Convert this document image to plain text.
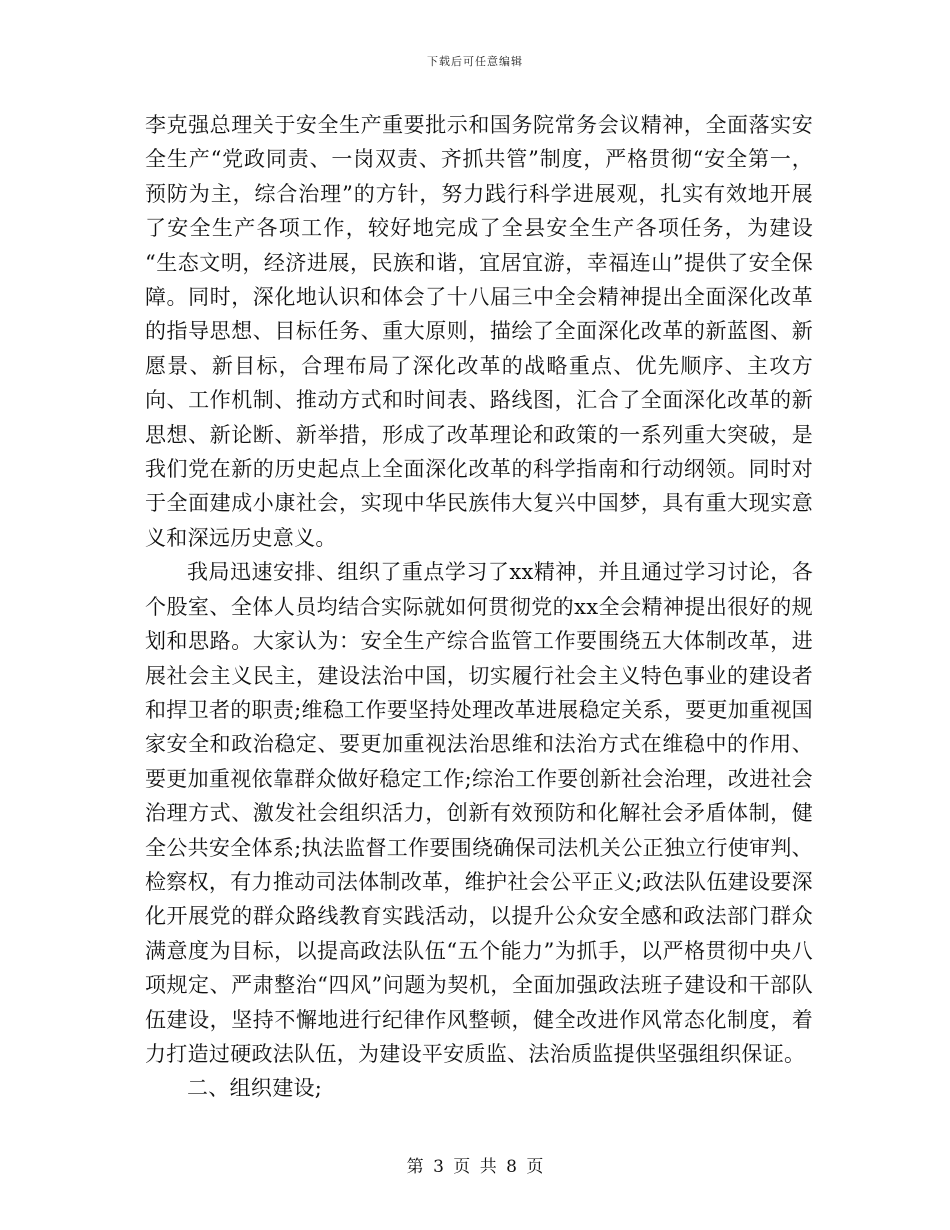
下载后可任意编辑

李克强总理关于安全生产重要批示和国务院常务会议精神，全面落实安全生产“党政同责、一岗双责、齐抓共管”制度，严格贯彻“安全第一，预防为主，综合治理”的方针，努力践行科学进展观，扎实有效地开展了安全生产各项工作，较好地完成了全县安全生产各项任务，为建设 “生态文明，经济进展，民族和谐，宜居宜游，幸福连山”提供了安全保障。同时，深化地认识和体会了十八届三中全会精神提出全面深化改革的指导思想、目标任务、重大原则，描绘了全面深化改革的新蓝图、新愿景、新目标，合理布局了深化改革的战略重点、优先顺序、主攻方向、工作机制、推动方式和时间表、路线图，汇合了全面深化改革的新思想、新论断、新举措，形成了改革理论和政策的一系列重大突破，是我们党在新的历史起点上全面深化改革的科学指南和行动纲领。同时对于全面建成小康社会，实现中华民族伟大复兴中国梦，具有重大现实意义和深远历史意义。

我局迅速安排、组织了重点学习了xx精神，并且通过学习讨论，各个股室、全体人员均结合实际就如何贯彻党的xx全会精神提出很好的规划和思路。大家认为：安全生产综合监管工作要围绕五大体制改革，进展社会主义民主，建设法治中国，切实履行社会主义特色事业的建设者和捍卫者的职责;维稳工作要坚持处理改革进展稳定关系，要更加重视国家安全和政治稳定、要更加重视法治思维和法治方式在维稳中的作用、要更加重视依靠群众做好稳定工作;综治工作要创新社会治理，改进社会治理方式、激发社会组织活力，创新有效预防和化解社会矛盾体制，健全公共安全体系;执法监督工作要围绕确保司法机关公正独立行使审判、检察权，有力推动司法体制改革，维护社会公平正义;政法队伍建设要深化开展党的群众路线教育实践活动，以提升公众安全感和政法部门群众满意度为目标，以提高政法队伍“五个能力”为抓手，以严格贯彻中央八项规定、严肃整治“四风”问题为契机，全面加强政法班子建设和干部队伍建设，坚持不懈地进行纪律作风整顿，健全改进作风常态化制度，着力打造过硬政法队伍，为建设平安质监、法治质监提供坚强组织保证。

二、组织建设;

第 3 页 共 8 页
